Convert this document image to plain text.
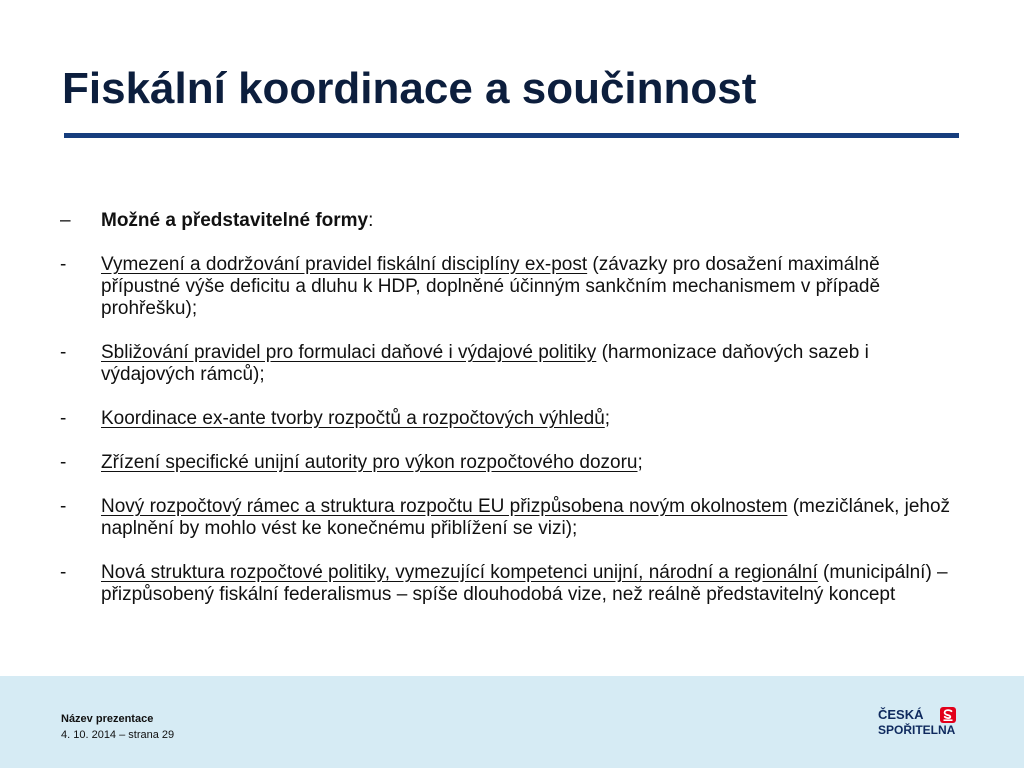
Fiskální koordinace a součinnost
–	Možné a představitelné formy:
-	Vymezení a dodržování pravidel fiskální disciplíny ex-post (závazky pro dosažení maximálně přípustné výše deficitu a dluhu k HDP, doplněné účinným sankčním mechanismem v případě prohřešku);
-	Sbližování pravidel pro formulaci daňové i výdajové politiky (harmonizace daňových sazeb i výdajových rámců);
-	Koordinace ex-ante tvorby rozpočtů a rozpočtových výhledů;
-	Zřízení specifické unijní autority pro výkon rozpočtového dozoru;
-	Nový rozpočtový rámec a struktura rozpočtu EU přizpůsobena novým okolnostem (mezičlánek, jehož naplnění by mohlo vést ke konečnému přiblížení se vizi);
-	Nová struktura rozpočtové politiky, vymezující kompetenci unijní, národní a regionální (municipální) – přizpůsobený fiskální federalismus – spíše dlouhodobá vize, než reálně představitelný koncept
Název prezentace
4. 10. 2014 – strana 29
ČESKÁ
SPOŘITELNA
